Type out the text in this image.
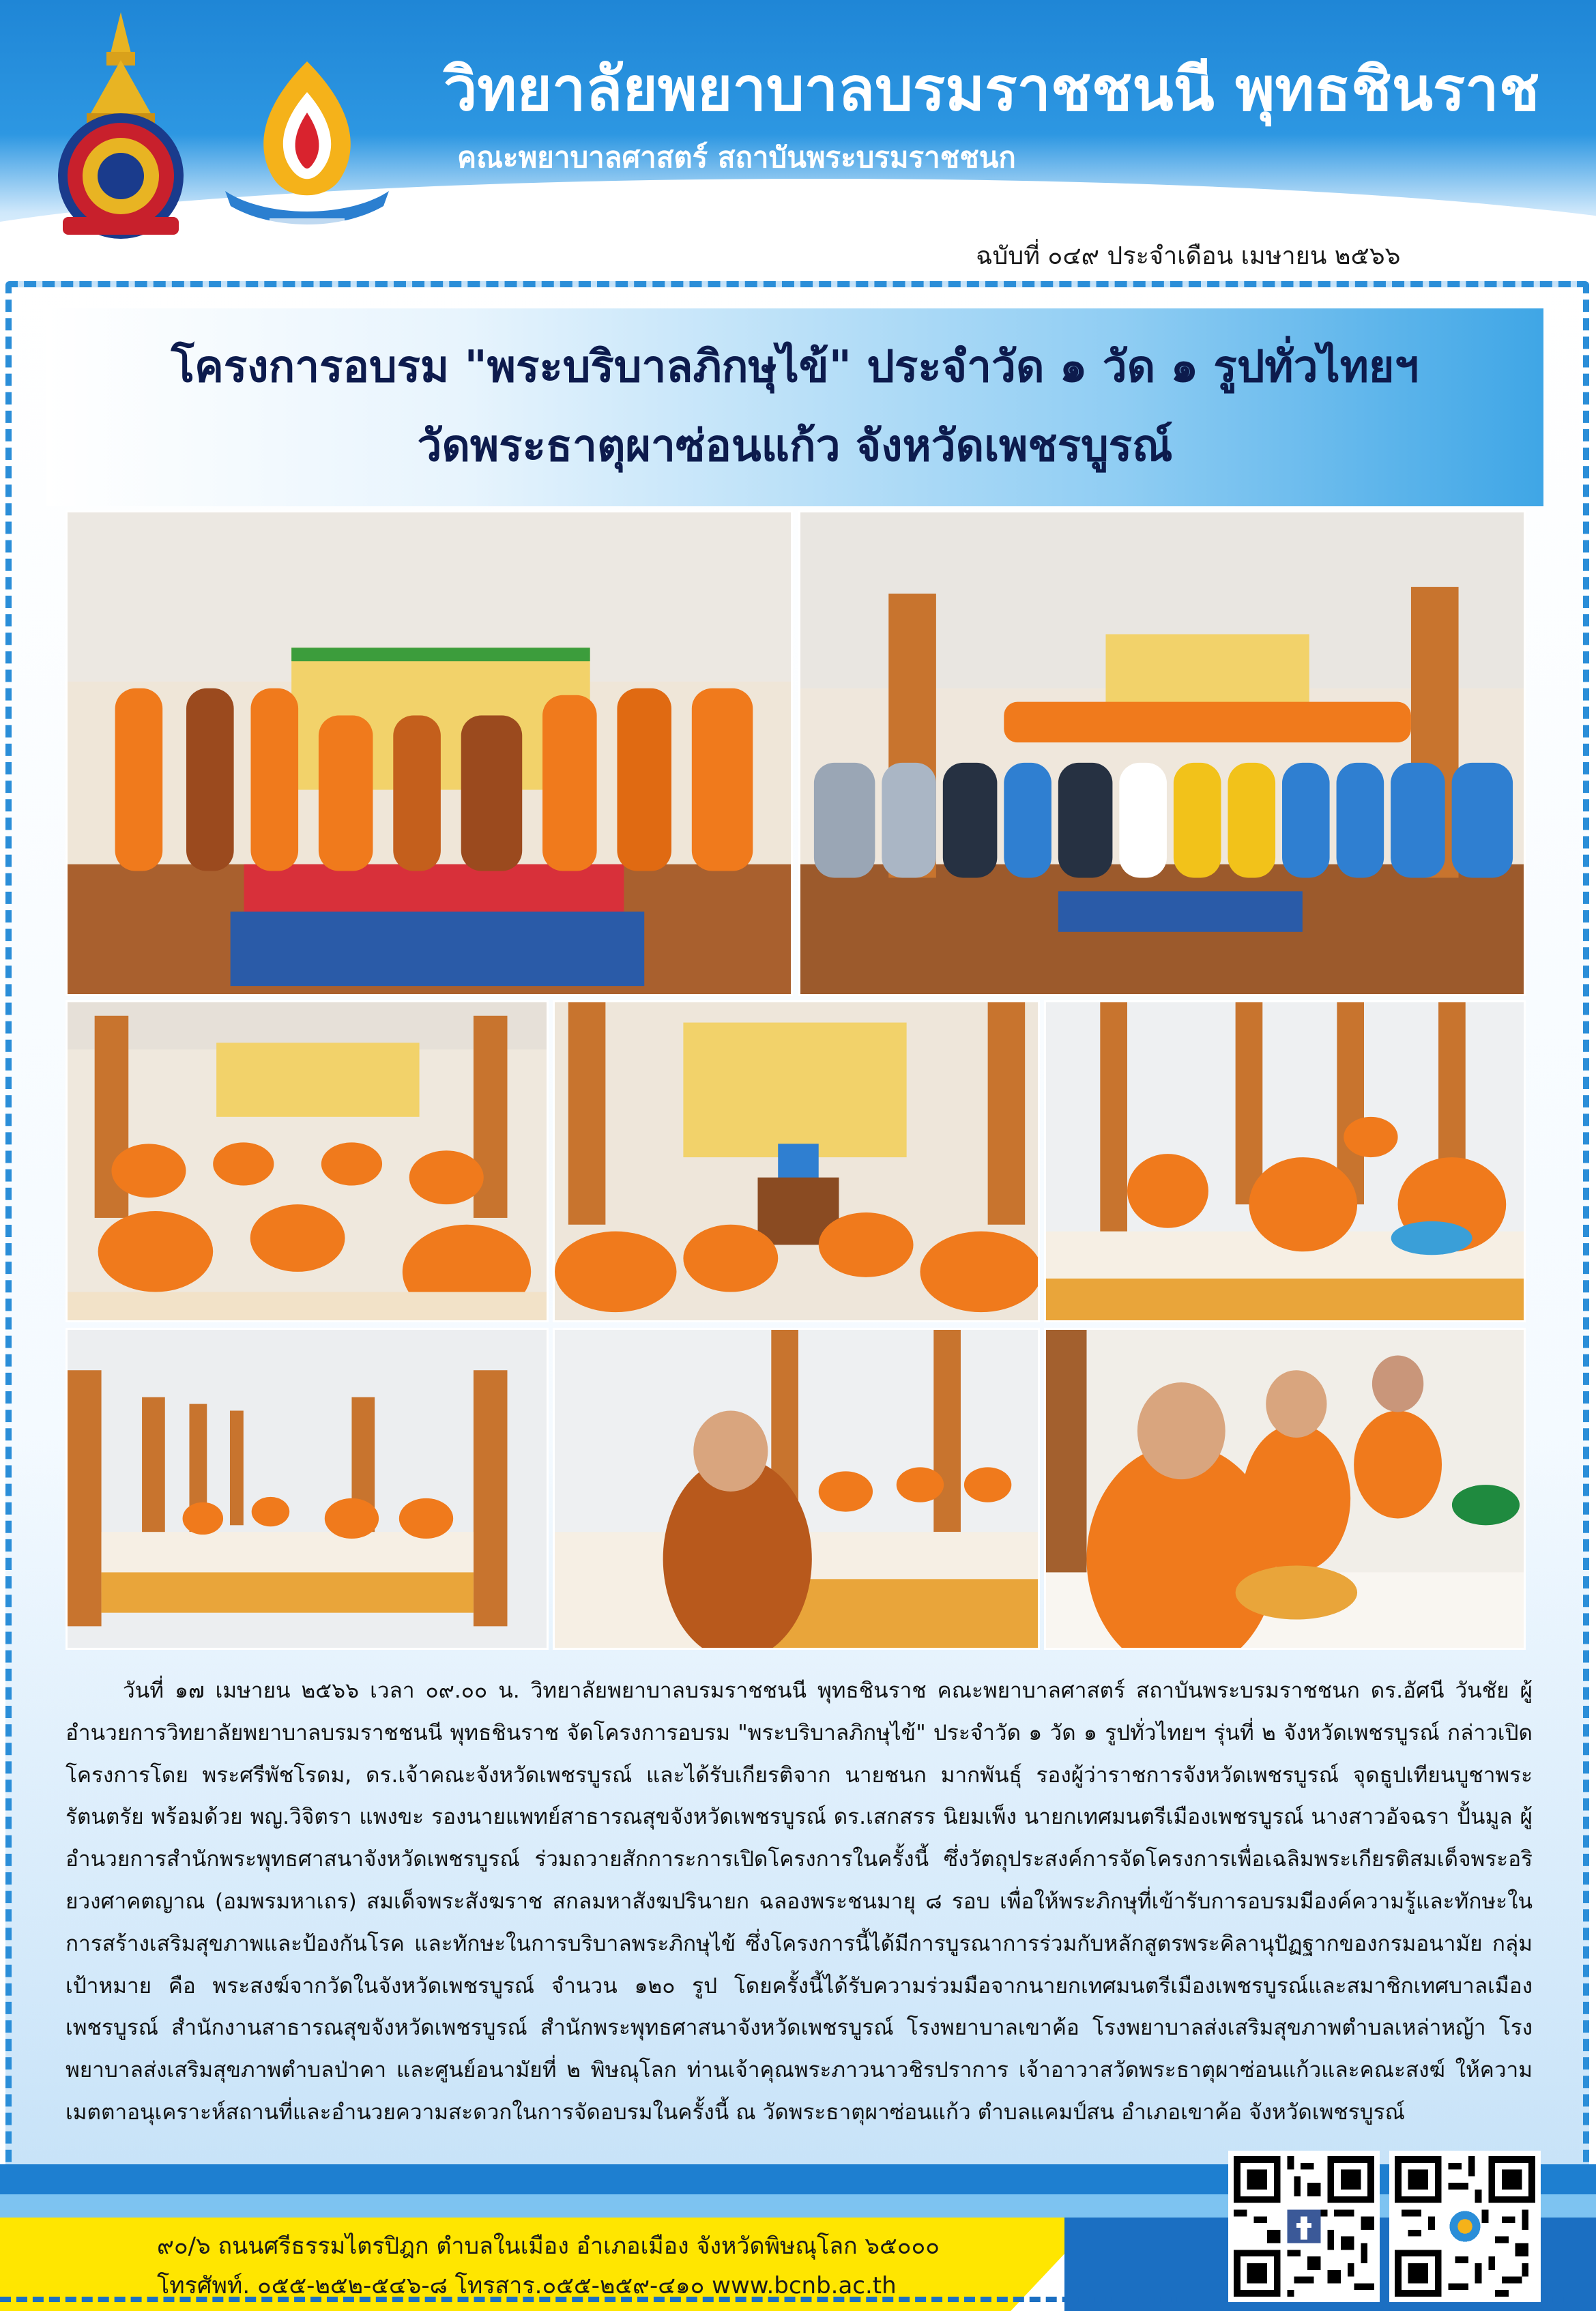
วิทยาลัยพยาบาลบรมราชชนนี พุทธชินราช
คณะพยาบาลศาสตร์ สถาบันพระบรมราชชนก
ฉบับที่ ๐๔๙ ประจำเดือน เมษายน ๒๕๖๖
โครงการอบรม "พระบริบาลภิกษุไข้" ประจำวัด ๑ วัด ๑ รูปทั่วไทยฯ
วัดพระธาตุผาซ่อนแก้ว จังหวัดเพชรบูรณ์

วันที่ ๑๗ เมษายน ๒๕๖๖ เวลา ๐๙.๐๐ น. วิทยาลัยพยาบาลบรมราชชนนี พุทธชินราช คณะพยาบาลศาสตร์ สถาบันพระบรมราชชนก ดร.อัศนี วันชัย ผู้อำนวยการวิทยาลัยพยาบาลบรมราชชนนี พุทธชินราช จัดโครงการอบรม "พระบริบาลภิกษุไข้" ประจำวัด ๑ วัด ๑ รูปทั่วไทยฯ รุ่นที่ ๒ จังหวัดเพชรบูรณ์ กล่าวเปิดโครงการโดย พระศรีพัชโรดม, ดร.เจ้าคณะจังหวัดเพชรบูรณ์ และได้รับเกียรติจาก นายชนก มากพันธุ์ รองผู้ว่าราชการจังหวัดเพชรบูรณ์ จุดธูปเทียนบูชาพระรัตนตรัย พร้อมด้วย พญ.วิจิตรา แพงขะ รองนายแพทย์สาธารณสุขจังหวัดเพชรบูรณ์ ดร.เสกสรร นิยมเพ็ง นายกเทศมนตรีเมืองเพชรบูรณ์ นางสาวอัจฉรา ปั้นมูล ผู้อำนวยการสำนักพระพุทธศาสนาจังหวัดเพชรบูรณ์ ร่วมถวายสักการะการเปิดโครงการในครั้งนี้ ซึ่งวัตถุประสงค์การจัดโครงการเพื่อเฉลิมพระเกียรติสมเด็จพระอริยวงศาคตญาณ (อมพรมหาเถร) สมเด็จพระสังฆราช สกลมหาสังฆปรินายก ฉลองพระชนมายุ ๘ รอบ เพื่อให้พระภิกษุที่เข้ารับการอบรมมีองค์ความรู้และทักษะในการสร้างเสริมสุขภาพและป้องกันโรค และทักษะในการบริบาลพระภิกษุไข้ ซึ่งโครงการนี้ได้มีการบูรณาการร่วมกับหลักสูตรพระคิลานุปัฏฐากของกรมอนามัย กลุ่มเป้าหมาย คือ พระสงฆ์จากวัดในจังหวัดเพชรบูรณ์ จำนวน ๑๒๐ รูป โดยครั้งนี้ได้รับความร่วมมือจากนายกเทศมนตรีเมืองเพชรบูรณ์และสมาชิกเทศบาลเมืองเพชรบูรณ์ สำนักงานสาธารณสุขจังหวัดเพชรบูรณ์ สำนักพระพุทธศาสนาจังหวัดเพชรบูรณ์ โรงพยาบาลเขาค้อ โรงพยาบาลส่งเสริมสุขภาพตำบลเหล่าหญ้า โรงพยาบาลส่งเสริมสุขภาพตำบลป่าคา และศูนย์อนามัยที่ ๒ พิษณุโลก ท่านเจ้าคุณพระภาวนาวชิรปราการ เจ้าอาวาสวัดพระธาตุผาซ่อนแก้วและคณะสงฆ์ ให้ความเมตตาอนุเคราะห์สถานที่และอำนวยความสะดวกในการจัดอบรมในครั้งนี้ ณ วัดพระธาตุผาซ่อนแก้ว ตำบลแคมป์สน อำเภอเขาค้อ จังหวัดเพชรบูรณ์

๙๐/๖ ถนนศรีธรรมไตรปิฎก ตำบลในเมือง อำเภอเมือง จังหวัดพิษณุโลก ๖๕๐๐๐
โทรศัพท์. ๐๕๕-๒๕๒-๕๔๖-๘ โทรสาร.๐๕๕-๒๕๙-๔๑๐ www.bcnb.ac.th
